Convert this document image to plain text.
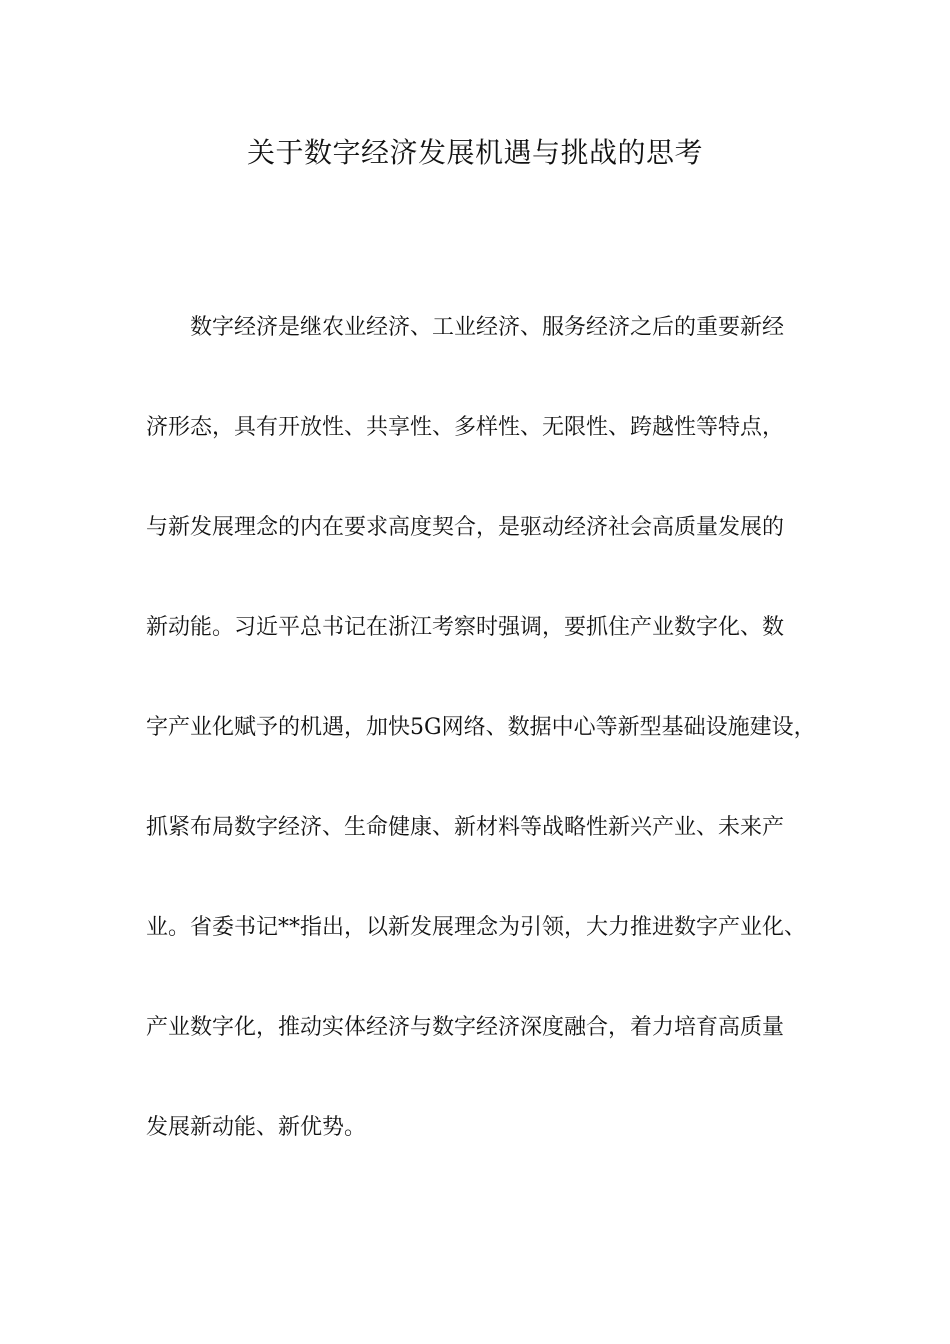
关于数字经济发展机遇与挑战的思考
数字经济是继农业经济、工业经济、服务经济之后的重要新经
济形态，具有开放性、共享性、多样性、无限性、跨越性等特点，
与新发展理念的内在要求高度契合，是驱动经济社会高质量发展的
新动能。习近平总书记在浙江考察时强调，要抓住产业数字化、数
字产业化赋予的机遇，加快5G网络、数据中心等新型基础设施建设，
抓紧布局数字经济、生命健康、新材料等战略性新兴产业、未来产
业。省委书记**指出，以新发展理念为引领，大力推进数字产业化、
产业数字化，推动实体经济与数字经济深度融合，着力培育高质量
发展新动能、新优势。
